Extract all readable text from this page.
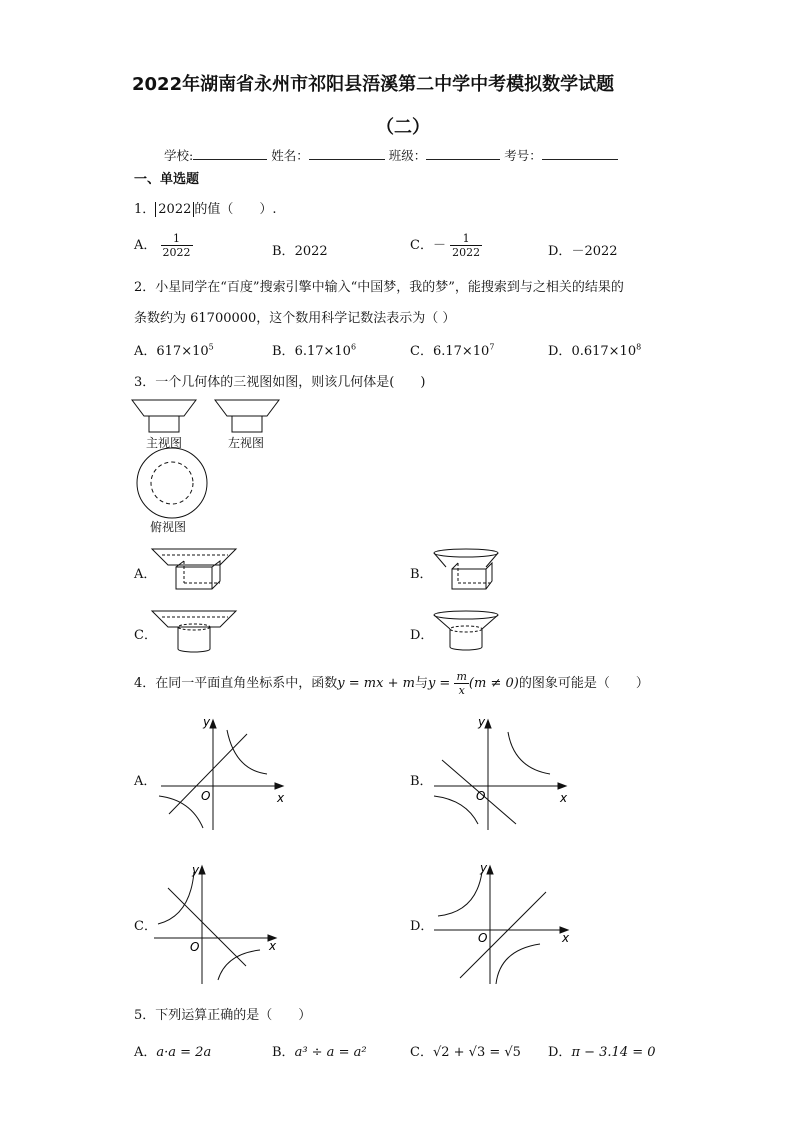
2022年湖南省永州市祁阳县浯溪第二中学中考模拟数学试题
（二）
学校:	姓名：	班级：	考号：
一、单选题
1． 2022 的值（　　）.
A． $\frac{1}{2022}$	B．2022	C．－ $\frac{1}{2022}$	D．－2022
2．小星同学在“百度”搜索引擎中输入“中国梦，我的梦”，能搜索到与之相关的结果的
条数约为 61700000，这个数用科学记数法表示为（ ）
A．$617\times 10^5$	B．$6.17\times 10^6$	C．$6.17\times 10^7$	D．$0.617\times 10^8$
3．一个几何体的三视图如图，则该几何体是(　　)
主视图	左视图
俯视图
A．	B．
C．	D．
4．在同一平面直角坐标系中，函数y = mx + m与$y = \frac{m}{x} (m \ne 0)$的图象可能是（　　）
A．
x
y
O
B．
x
y
O
C．
x
y
O
D．
x
y
O
5．下列运算正确的是（　　）
A．a·a = 2a	B．a³ ÷ a = a²	C．√2 + √3 = √5 D．π − 3.14 = 0
